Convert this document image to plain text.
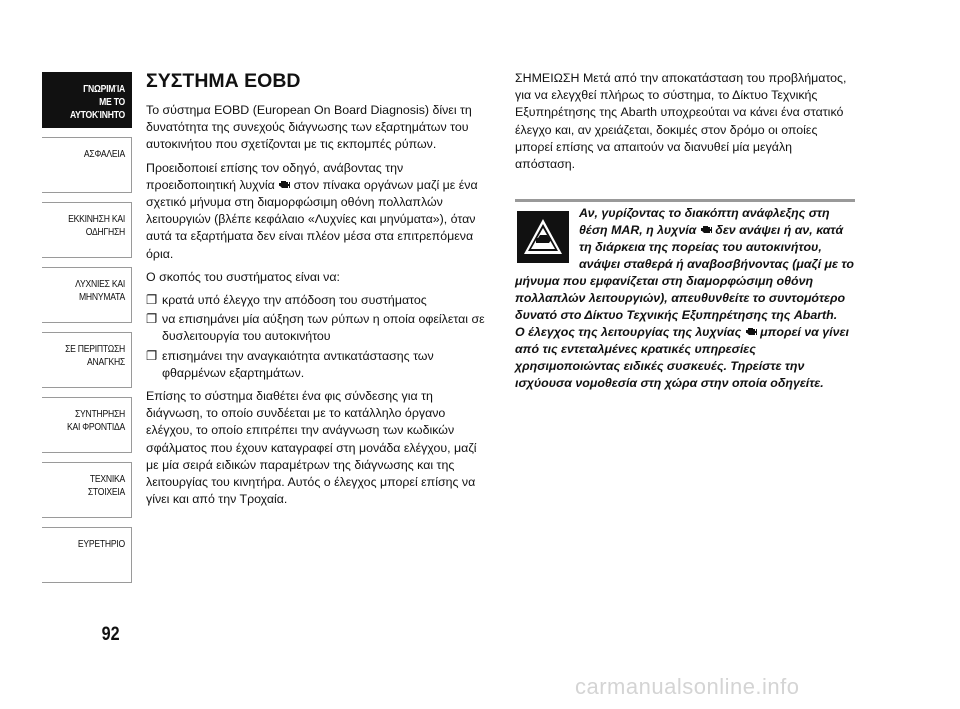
ΓΝΩΡΙΜΊΑ
ΜΕ ΤΟ
ΑΥΤΟΚΊΝΗΤΟ
ΑΣΦΑΛΕΙΑ
ΕΚΚΙΝΗΣΗ ΚΑΙ
ΟΔΗΓΗΣΗ
ΛΥΧΝΙΕΣ ΚΑΙ
ΜΗΝΥΜΑΤΑ
ΣΕ ΠΕΡΙΠΤΩΣΗ
ΑΝΑΓΚΗΣ
ΣΥΝΤΗΡΗΣΗ
ΚΑΙ ΦΡΟΝΤΙΔΑ
ΤΕΧΝΙΚΑ
ΣΤΟΙΧΕΙΑ
ΕΥΡΕΤΗΡΙΟ
92
ΣΥΣΤΗΜΑ EOBD

Το σύστημα EOBD (European On Board Diagnosis) δίνει τη δυνατότητα της συνεχούς διάγνωσης των εξαρτημάτων του αυτοκινήτου που σχετίζονται με τις εκπομπές ρύπων.

Προειδοποιεί επίσης τον οδηγό, ανάβοντας την προειδοποιητική λυχνία στον πίνακα οργάνων μαζί με ένα σχετικό μήνυμα στη διαμορφώσιμη οθόνη πολλαπλών λειτουργιών (βλέπε κεφάλαιο «Λυχνίες και μηνύματα»), όταν αυτά τα εξαρτήματα δεν είναι πλέον μέσα στα επιτρεπόμενα όρια.

Ο σκοπός του συστήματος είναι να:

❐ κρατά υπό έλεγχο την απόδοση του συστήματος
❐ να επισημάνει μία αύξηση των ρύπων η οποία οφείλεται σε δυσλειτουργία του αυτοκινήτου
❐ επισημάνει την αναγκαιότητα αντικατάστασης των φθαρμένων εξαρτημάτων.

Επίσης το σύστημα διαθέτει ένα φις σύνδεσης για τη διάγνωση, το οποίο συνδέεται με το κατάλληλο όργανο ελέγχου, το οποίο επιτρέπει την ανάγνωση των κωδικών σφάλματος που έχουν καταγραφεί στη μονάδα ελέγχου, μαζί με μία σειρά ειδικών παραμέτρων της διάγνωσης και της λειτουργίας του κινητήρα. Αυτός ο έλεγχος μπορεί επίσης να γίνει και από την Τροχαία.

ΣΗΜΕΙΩΣΗ Μετά από την αποκατάσταση του προβλήματος, για να ελεγχθεί πλήρως το σύστημα, το Δίκτυο Τεχνικής Εξυπηρέτησης της Abarth υποχρεούται να κάνει ένα στατικό έλεγχο και, αν χρειάζεται, δοκιμές στον δρόμο οι οποίες μπορεί επίσης να απαιτούν να διανυθεί μία μεγάλη απόσταση.

Αν, γυρίζοντας το διακόπτη ανάφλεξης στη θέση MAR, η λυχνία δεν ανάψει ή αν, κατά τη διάρκεια της πορείας του αυτοκινήτου, ανάψει σταθερά ή αναβοσβήνοντας (μαζί με το μήνυμα που εμφανίζεται στη διαμορφώσιμη οθόνη πολλαπλών λειτουργιών), απευθυνθείτε το συντομότερο δυνατό στο Δίκτυο Τεχνικής Εξυπηρέτησης της Abarth.
Ο έλεγχος της λειτουργίας της λυχνίας μπορεί να γίνει από τις εντεταλμένες κρατικές υπηρεσίες χρησιμοποιώντας ειδικές συσκευές. Τηρείστε την ισχύουσα νομοθεσία στη χώρα στην οποία οδηγείτε.
carmanualsonline.info
